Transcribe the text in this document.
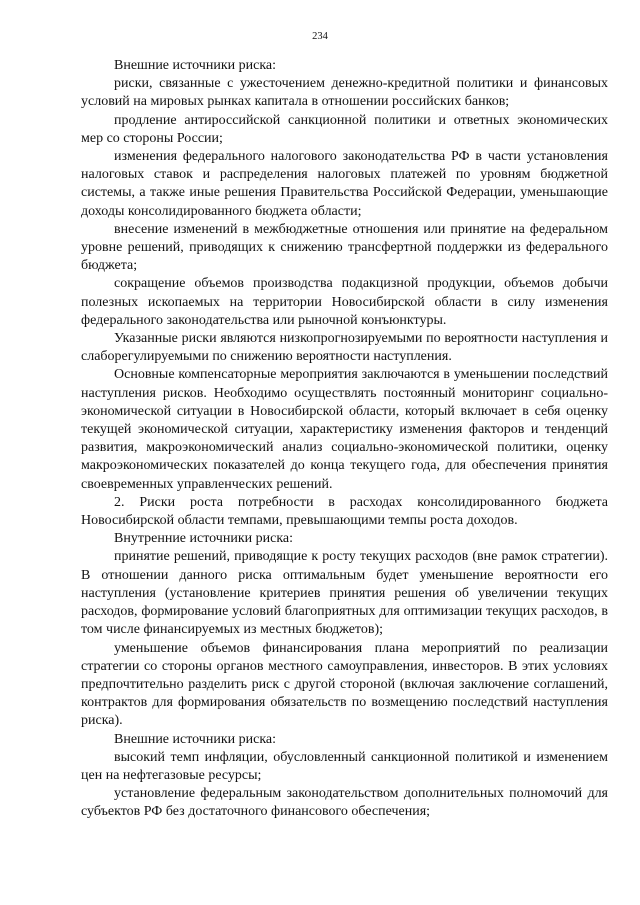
234

Внешние источники риска:

риски, связанные с ужесточением денежно-кредитной политики и финансовых условий на мировых рынках капитала в отношении российских банков;

продление антироссийской санкционной политики и ответных экономических мер со стороны России;

изменения федерального налогового законодательства РФ в части установления налоговых ставок и распределения налоговых платежей по уровням бюджетной системы, а также иные решения Правительства Российской Федерации, уменьшающие доходы консолидированного бюджета области;

внесение изменений в межбюджетные отношения или принятие на федеральном уровне решений, приводящих к снижению трансфертной поддержки из федерального бюджета;

сокращение объемов производства подакцизной продукции, объемов добычи полезных ископаемых на территории Новосибирской области в силу изменения федерального законодательства или рыночной конъюнктуры.

Указанные риски являются низкопрогнозируемыми по вероятности наступления и слаборегулируемыми по снижению вероятности наступления.

Основные компенсаторные мероприятия заключаются в уменьшении последствий наступления рисков. Необходимо осуществлять постоянный мониторинг социально-экономической ситуации в Новосибирской области, который включает в себя оценку текущей экономической ситуации, характеристику изменения факторов и тенденций развития, макроэкономический анализ социально-экономической политики, оценку макроэкономических показателей до конца текущего года, для обеспечения принятия своевременных управленческих решений.

2. Риски роста потребности в расходах консолидированного бюджета Новосибирской области темпами, превышающими темпы роста доходов.

Внутренние источники риска:

принятие решений, приводящие к росту текущих расходов (вне рамок стратегии). В отношении данного риска оптимальным будет уменьшение вероятности его наступления (установление критериев принятия решения об увеличении текущих расходов, формирование условий благоприятных для оптимизации текущих расходов, в том числе финансируемых из местных бюджетов);

уменьшение объемов финансирования плана мероприятий по реализации стратегии со стороны органов местного самоуправления, инвесторов. В этих условиях предпочтительно разделить риск с другой стороной (включая заключение соглашений, контрактов для формирования обязательств по возмещению последствий наступления риска).

Внешние источники риска:

высокий темп инфляции, обусловленный санкционной политикой и изменением цен на нефтегазовые ресурсы;

установление федеральным законодательством дополнительных полномочий для субъектов РФ без достаточного финансового обеспечения;
